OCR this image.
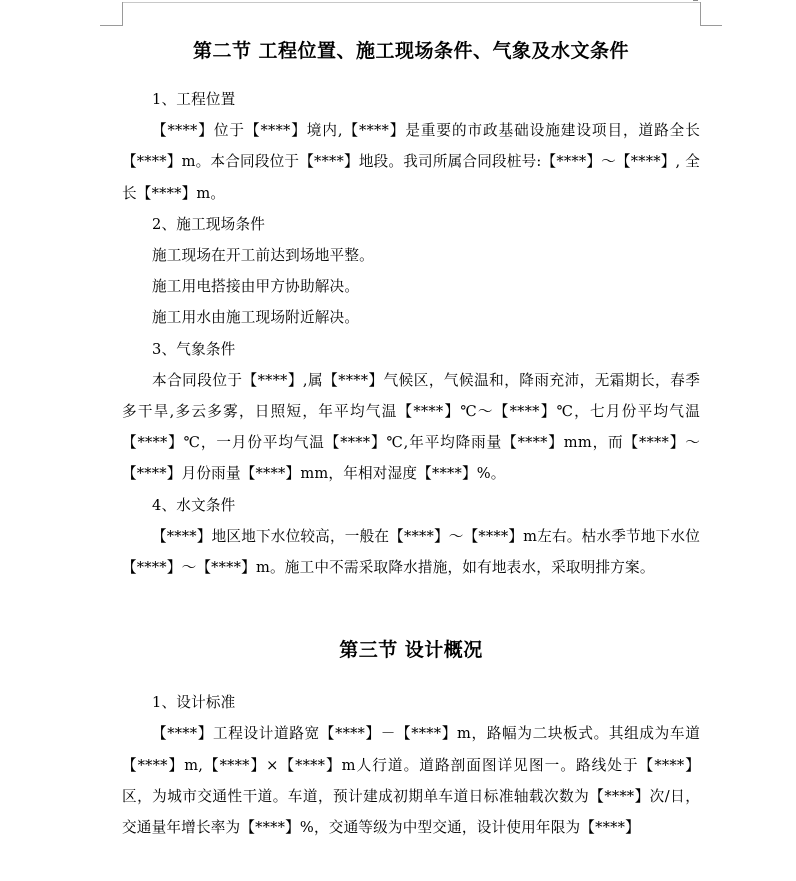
第二节 工程位置、施工现场条件、气象及水文条件

1、工程位置

【****】位于【****】境内,【****】是重要的市政基础设施建设项目，道路全长【****】m。本合同段位于【****】地段。我司所属合同段桩号:【****】～【****】, 全长【****】m。

2、施工现场条件

施工现场在开工前达到场地平整。

施工用电搭接由甲方协助解决。

施工用水由施工现场附近解决。

3、气象条件

本合同段位于【****】,属【****】气候区，气候温和，降雨充沛，无霜期长，春季多干旱,多云多雾，日照短，年平均气温【****】℃～【****】℃，七月份平均气温【****】℃，一月份平均气温【****】℃,年平均降雨量【****】mm，而【****】～【****】月份雨量【****】mm，年相对湿度【****】%。

4、水文条件

【****】地区地下水位较高，一般在【****】～【****】m左右。枯水季节地下水位【****】～【****】m。施工中不需采取降水措施，如有地表水，采取明排方案。

第三节 设计概况

1、设计标准

【****】工程设计道路宽【****】－【****】m，路幅为二块板式。其组成为车道【****】m,【****】×【****】m人行道。道路剖面图详见图一。路线处于【****】区，为城市交通性干道。车道，预计建成初期单车道日标准轴载次数为【****】次/日，交通量年增长率为【****】%，交通等级为中型交通，设计使用年限为【****】
